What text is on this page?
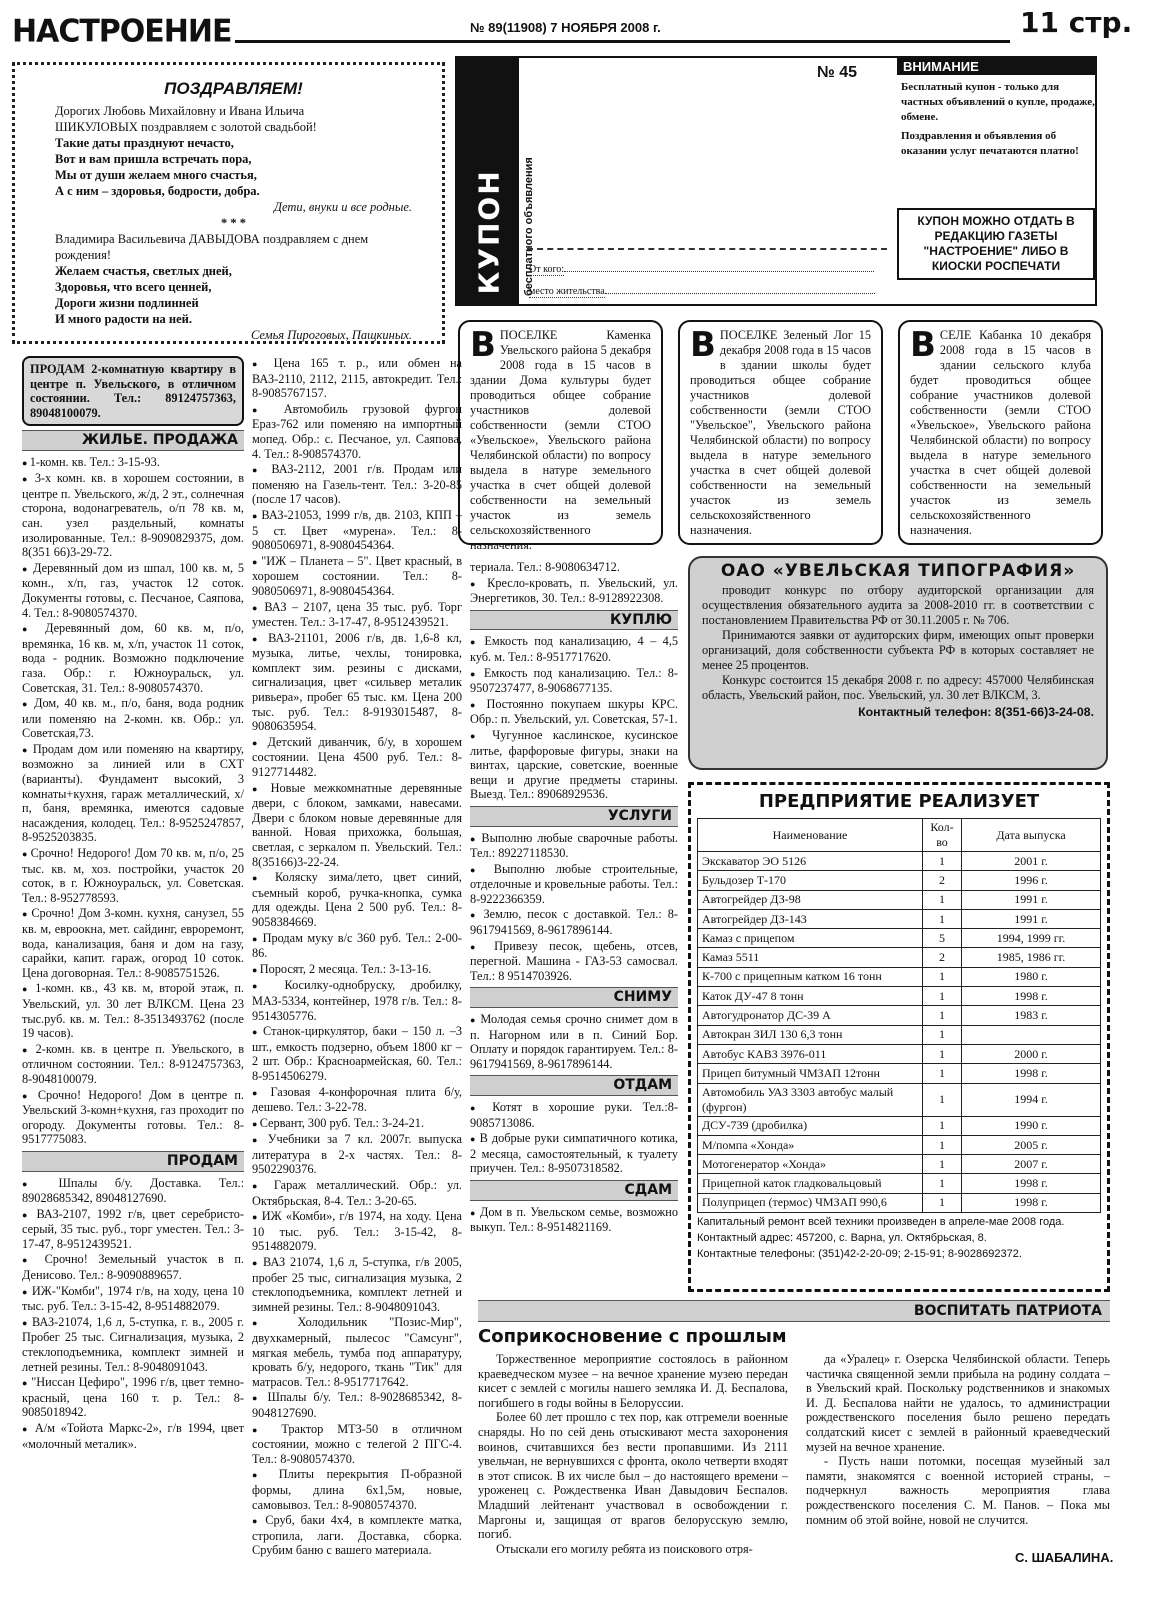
НАСТРОЕНИЕ	№ 89(11908) 7 НОЯБРЯ 2008 г.	11 стр.
ПОЗДРАВЛЯЕМ!

Дорогих Любовь Михайловну и Ивана Ильича

ШИКУЛОВЫХ поздравляем с золотой свадьбой!

Такие даты празднуют нечасто,

Вот и вам пришла встречать пора,

Мы от души желаем много счастья,

А с ним – здоровья, бодрости, добра.

Дети, внуки и все родные.

* * *

Владимира Васильевича ДАВЫДОВА поздравляем с днем рождения!

Желаем счастья, светлых дней,

Здоровья, что всего ценней,

Дороги жизни подлинней

И много радости на ней.

Семья Пироговых, Пащкиных.

КУПОН бесплатного объявления
№ 45	ВНИМАНИЕ

Бесплатный купон - только для частных объявлений о купле, продаже, обмене.

Поздравления и объявления об оказании услуг печатаются платно!

От кого:
место жительства
КУПОН МОЖНО ОТДАТЬ В РЕДАКЦИЮ ГАЗЕТЫ "НАСТРОЕНИЕ" ЛИБО В КИОСКИ РОСПЕЧАТИ
ВПОСЕЛКЕ Каменка Увельского района 5 декабря 2008 года в 15 часов в здании Дома культуры будет проводиться общее собрание участников долевой собственности (земли СТОО «Увельское», Увельского района Челябинской области) по вопросу выдела в натуре земельного участка в счет общей долевой собственности на земельный участок из земель сельскохозяйственного назначения.
ВПОСЕЛКЕ Зеленый Лог 15 декабря 2008 года в 15 часов в здании школы будет проводиться общее собрание участников долевой собственности (земли СТОО "Увельское", Увельского района Челябинской области) по вопросу выдела в натуре земельного участка в счет общей долевой собственности на земельный участок из земель сельскохозяйственного назначения.
ВСЕЛЕ Кабанка 10 декабря 2008 года в 15 часов в здании сельского клуба будет проводиться общее собрание участников долевой собственности (земли СТОО «Увельское», Увельского района Челябинской области) по вопросу выдела в натуре земельного участка в счет общей долевой собственности на земельный участок из земель сельскохозяйственного назначения.
ПРОДАМ 2-комнатную квартиру в центре п. Увельского, в отличном состоянии. Тел.: 89124757363, 89048100079.
ЖИЛЬЕ. ПРОДАЖА

● 1-комн. кв. Тел.: 3-15-93.

● 3-х комн. кв. в хорошем состоянии, в центре п. Увельского, ж/д, 2 эт., солнечная сторона, водонагреватель, о/п 78 кв. м, сан. узел раздельный, комнаты изолированные. Тел.: 8-9090829375, дом. 8(351 66)3-29-72.

● Деревянный дом из шпал, 100 кв. м, 5 комн., х/п, газ, участок 12 соток. Документы готовы, с. Песчаное, Саяпова, 4. Тел.: 8-9080574370.

● Деревянный дом, 60 кв. м, п/о, времянка, 16 кв. м, х/п, участок 11 соток, вода - родник. Возможно подключение газа. Обр.: г. Южноуральск, ул. Советская, 31. Тел.: 8-9080574370.

● Дом, 40 кв. м., п/о, баня, вода родник или поменяю на 2-комн. кв. Обр.: ул. Советская,73.

● Продам дом или поменяю на квартиру, возможно за линией или в СХТ (варианты). Фундамент высокий, 3 комнаты+кухня, гараж металлический, х/п, баня, времянка, имеются садовые насаждения, колодец. Тел.: 8-9525247857, 8-9525203835.

● Срочно! Недорого! Дом 70 кв. м, п/о, 25 тыс. кв. м, хоз. постройки, участок 20 соток, в г. Южноуральск, ул. Советская. Тел.: 8-952778593.

● Срочно! Дом 3-комн. кухня, санузел, 55 кв. м, евроокна, мет. сайдинг, евроремонт, вода, канализация, баня и дом на газу, сарайки, капит. гараж, огород 10 соток. Цена договорная. Тел.: 8-9085751526.

● 1-комн. кв., 43 кв. м, второй этаж, п. Увельский, ул. 30 лет ВЛКСМ. Цена 23 тыс.руб. кв. м. Тел.: 8-3513493762 (после 19 часов).

● 2-комн. кв. в центре п. Увельского, в отличном состоянии. Тел.: 8-9124757363, 8-9048100079.

● Срочно! Недорого! Дом в центре п. Увельский 3-комн+кухня, газ проходит по огороду. Документы готовы. Тел.: 8-9517775083.

ПРОДАМ

● Шпалы б/у. Доставка. Тел.: 89028685342, 89048127690.

● ВАЗ-2107, 1992 г/в, цвет серебристо-серый, 35 тыс. руб., торг уместен. Тел.: 3-17-47, 8-9512439521.

● Срочно! Земельный участок в п. Денисово. Тел.: 8-9090889657.

● ИЖ-"Комби", 1974 г/в, на ходу, цена 10 тыс. руб. Тел.: 3-15-42, 8-9514882079.

● ВАЗ-21074, 1,6 л, 5-ступка, г. в., 2005 г. Пробег 25 тыс. Сигнализация, музыка, 2 стеклоподъемника, комплект зимней и летней резины. Тел.: 8-9048091043.

● "Ниссан Цефиро", 1996 г/в, цвет темно-красный, цена 160 т. р. Тел.: 8-9085018942.

● А/м «Тойота Маркс-2», г/в 1994, цвет «молочный металик».

● Цена 165 т. р., или обмен на ВАЗ-2110, 2112, 2115, автокредит. Тел.: 8-9085767157.

● Автомобиль грузовой фургон Ераз-762 или поменяю на импортный мопед. Обр.: с. Песчаное, ул. Саяпова, 4. Тел.: 8-908574370.

● ВАЗ-2112, 2001 г/в. Продам или поменяю на Газель-тент. Тел.: 3-20-85 (после 17 часов).

● ВАЗ-21053, 1999 г/в, дв. 2103, КПП – 5 ст. Цвет «мурена». Тел.: 8-9080506971, 8-9080454364.

● "ИЖ – Планета – 5". Цвет красный, в хорошем состоянии. Тел.: 8-9080506971, 8-9080454364.

● ВАЗ – 2107, цена 35 тыс. руб. Торг уместен. Тел.: 3-17-47, 8-9512439521.

● ВАЗ-21101, 2006 г/в, дв. 1,6-8 кл, музыка, литье, чехлы, тонировка, комплект зим. резины с дисками, сигнализация, цвет «сильвер металик ривьера», пробег 65 тыс. км. Цена 200 тыс. руб. Тел.: 8-9193015487, 8-9080635954.

● Детский диванчик, б/у, в хорошем состоянии. Цена 4500 руб. Тел.: 8-9127714482.

● Новые межкомнатные деревянные двери, с блоком, замками, навесами. Двери с блоком новые деревянные для ванной. Новая прихожка, большая, светлая, с зеркалом п. Увельский. Тел.: 8(35166)3-22-24.

● Коляску зима/лето, цвет синий, съемный короб, ручка-кнопка, сумка для одежды. Цена 2 500 руб. Тел.: 8-9058384669.

● Продам муку в/с 360 руб. Тел.: 2-00-86.

● Поросят, 2 месяца. Тел.: 3-13-16.

● Косилку-однобруску, дробилку, МАЗ-5334, контейнер, 1978 г/в. Тел.: 8-9514305776.

● Станок-циркулятор, баки – 150 л. –3 шт., емкость подзерно, объем 1800 кг – 2 шт. Обр.: Красноармейская, 60. Тел.: 8-9514506279.

● Газовая 4-конфорочная плита б/у, дешево. Тел.: 3-22-78.

● Сервант, 300 руб. Тел.: 3-24-21.

● Учебники за 7 кл. 2007г. выпуска литература в 2-х частях. Тел.: 8-9502290376.

● Гараж металлический. Обр.: ул. Октябрьская, 8-4. Тел.: 3-20-65.

● ИЖ «Комби», г/в 1974, на ходу. Цена 10 тыс. руб. Тел.: 3-15-42, 8-9514882079.

● ВАЗ 21074, 1,6 л, 5-ступка, г/в 2005, пробег 25 тыс, сигнализация музыка, 2 стеклоподъемника, комплект летней и зимней резины. Тел.: 8-9048091043.

● Холодильник "Позис-Мир", двухкамерный, пылесос "Самсунг", мягкая мебель, тумба под аппаратуру, кровать б/у, недорого, ткань "Тик" для матрасов. Тел.: 8-9517717642.

● Шпалы б/у. Тел.: 8-9028685342, 8-9048127690.

● Трактор МТЗ-50 в отличном состоянии, можно с телегой 2 ПГС-4. Тел.: 8-9080574370.

● Плиты перекрытия П-образной формы, длина 6х1,5м, новые, самовывоз. Тел.: 8-9080574370.

● Сруб, баки 4х4, в комплекте матка, стропила, лаги. Доставка, сборка. Срубим баню с вашего материала.

териала. Тел.: 8-9080634712.

● Кресло-кровать, п. Увельский, ул. Энергетиков, 30. Тел.: 8-9128922308.

КУПЛЮ

● Емкость под канализацию, 4 – 4,5 куб. м. Тел.: 8-9517717620.

● Емкость под канализацию. Тел.: 8-9507237477, 8-9068677135.

● Постоянно покупаем шкуры КРС. Обр.: п. Увельский, ул. Советская, 57-1.

● Чугунное каслинское, кусинское литье, фарфоровые фигуры, знаки на винтах, царские, советские, военные вещи и другие предметы старины. Выезд. Тел.: 89068929536.

УСЛУГИ

● Выполню любые сварочные работы. Тел.: 89227118530.

● Выполню любые строительные, отделочные и кровельные работы. Тел.: 8-9222366359.

● Землю, песок с доставкой. Тел.: 8-9617941569, 8-9617896144.

● Привезу песок, щебень, отсев, перегной. Машина - ГАЗ-53 самосвал. Тел.: 8 9514703926.

СНИМУ

● Молодая семья срочно снимет дом в п. Нагорном или в п. Синий Бор. Оплату и порядок гарантируем. Тел.: 8-9617941569, 8-9617896144.

ОТДАМ

● Котят в хорошие руки. Тел.:8-9085713086.

● В добрые руки симпатичного котика, 2 месяца, самостоятельный, к туалету приучен. Тел.: 8-9507318582.

СДАМ

● Дом в п. Увельском семье, возможно выкуп. Тел.: 8-9514821169.

ОАО «УВЕЛЬСКАЯ ТИПОГРАФИЯ»

проводит конкурс по отбору аудиторской организации для осуществления обязательного аудита за 2008-2010 гг. в соответствии с постановлением Правительства РФ от 30.11.2005 г. № 706.

Принимаются заявки от аудиторских фирм, имеющих опыт проверки организаций, доля собственности субъекта РФ в которых составляет не менее 25 процентов.

Конкурс состоится 15 декабря 2008 г. по адресу: 457000 Челябинская область, Увельский район, пос. Увельский, ул. 30 лет ВЛКСМ, 3.

Контактный телефон: 8(351-66)3-24-08.
ПРЕДПРИЯТИЕ РЕАЛИЗУЕТ
Наименование	Кол-во	Дата выпуска
Экскаватор ЭО 5126	1	2001 г.
Бульдозер Т-170	2	1996 г.
Автогрейдер ДЗ-98	1	1991 г.
Автогрейдер ДЗ-143	1	1991 г.
Камаз с прицепом	5	1994, 1999 гг.
Камаз 5511	2	1985, 1986 гг.
К-700 с прицепным катком 16 тонн	1	1980 г.
Каток ДУ-47 8 тонн	1	1998 г.
Автогудронатор ДС-39 А	1	1983 г.
Автокран ЗИЛ 130 6,3 тонн	1	
Автобус КАВЗ 3976-011	1	2000 г.
Прицеп битумный ЧМЗАП 12тонн	1	1998 г.
Автомобиль УАЗ 3303 автобус малый (фургон)	1	1994 г.
ДСУ-739 (дробилка)	1	1990 г.
М/помпа «Хонда»	1	2005 г.
Мотогенератор «Хонда»	1	2007 г.
Прицепной каток гладковальцовый	1	1998 г.
Полуприцеп (термос) ЧМЗАП 990,6	1	1998 г.
Капитальный ремонт всей техники произведен в апреле-мае 2008 года.
Контактный адрес: 457200, с. Варна, ул. Октябрьская, 8.
Контактные телефоны: (351)42-2-20-09; 2-15-91; 8-9028692372.
ВОСПИТАТЬ ПАТРИОТА
Соприкосновение с прошлым

Торжественное мероприятие состоялось в районном краеведческом музее – на вечное хранение музею передан кисет с землей с могилы нашего земляка И. Д. Беспалова, погибшего в годы войны в Белоруссии.

Более 60 лет прошло с тех пор, как отгремели военные снаряды. Но по сей день отыскивают места захоронения воинов, считавшихся без вести пропавшими. Из 2111 увельчан, не вернувшихся с фронта, около четверти входят в этот список. В их числе был – до настоящего времени – уроженец с. Рождественка Иван Давыдович Беспалов. Младший лейтенант участвовал в освобождении г. Маргоны и, защищая от врагов белорусскую землю, погиб.

Отыскали его могилу ребята из поискового отря-

да «Уралец» г. Озерска Челябинской области. Теперь частичка священной земли прибыла на родину солдата – в Увельский край. Поскольку родственников и знакомых И. Д. Беспалова найти не удалось, то администрации рождественского поселения было решено передать солдатский кисет с землей в районный краеведческий музей на вечное хранение.

- Пусть наши потомки, посещая музейный зал памяти, знакомятся с военной историей страны, – подчеркнул важность мероприятия глава рождественского поселения С. М. Панов. – Пока мы помним об этой войне, новой не случится.

С. ШАБАЛИНА.
